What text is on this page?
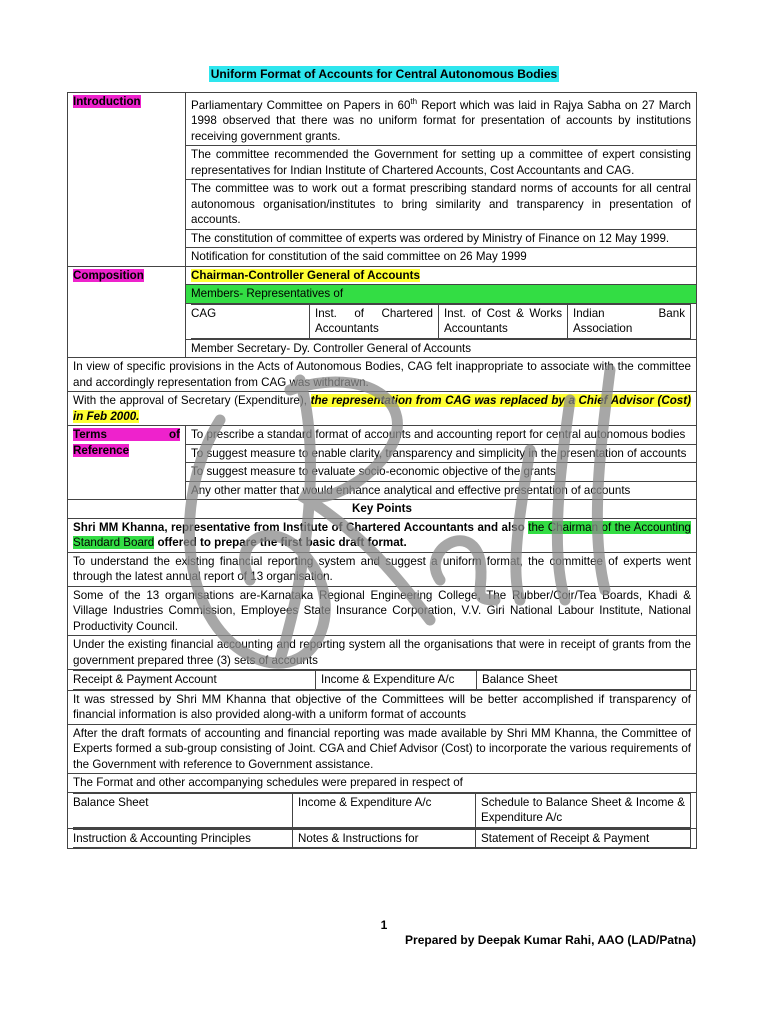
Uniform Format of Accounts for Central Autonomous Bodies
Introduction	Parliamentary Committee on Papers in 60th Report which was laid in Rajya Sabha on 27 March 1998 observed that there was no uniform format for presentation of accounts by institutions receiving government grants.
The committee recommended the Government for setting up a committee of expert consisting representatives for Indian Institute of Chartered Accounts, Cost Accountants and CAG.
The committee was to work out a format prescribing standard norms of accounts for all central autonomous organisation/institutes to bring similarity and transparency in presentation of accounts.
The constitution of committee of experts was ordered by Ministry of Finance on 12 May 1999.
Notification for constitution of the said committee on 26 May 1999
Composition	Chairman-Controller General of Accounts
Members- Representatives of

CAG	Inst. of Chartered Accountants	Inst. of Cost & Works Accountants	Indian Bank Association

Member Secretary- Dy. Controller General of Accounts
In view of specific provisions in the Acts of Autonomous Bodies, CAG felt inappropriate to associate with the committee and accordingly representation from CAG was withdrawn.
With the approval of Secretary (Expenditure), the representation from CAG was replaced by a Chief Advisor (Cost) in Feb 2000.
Terms of Reference	To prescribe a standard format of accounts and accounting report for central autonomous bodies
To suggest measure to enable clarity, transparency and simplicity in the presentation of accounts
To suggest measure to evaluate socio-economic objective of the grants
Any other matter that would enhance analytical and effective presentation of accounts
Key Points
Shri MM Khanna, representative from Institute of Chartered Accountants and also the Chairman of the Accounting Standard Board offered to prepare the first basic draft format.
To understand the existing financial reporting system and suggest a uniform format, the committee of experts went through the latest annual report of 13 organisation.
Some of the 13 organisations are-Karnataka Regional Engineering College, The Rubber/Coir/Tea Boards, Khadi & Village Industries Commission, Employees State Insurance Corporation, V.V. Giri National Labour Institute, National Productivity Council.
Under the existing financial accounting and reporting system all the organisations that were in receipt of grants from the government prepared three (3) sets of accounts

Receipt & Payment Account	Income & Expenditure A/c	Balance Sheet

It was stressed by Shri MM Khanna that objective of the Committees will be better accomplished if transparency of financial information is also provided along-with a uniform format of accounts
After the draft formats of accounting and financial reporting was made available by Shri MM Khanna, the Committee of Experts formed a sub-group consisting of Joint. CGA and Chief Advisor (Cost) to incorporate the various requirements of the Government with reference to Government assistance.
The Format and other accompanying schedules were prepared in respect of

Balance Sheet	Income & Expenditure A/c	Schedule to Balance Sheet & Income & Expenditure A/c

Instruction & Accounting Principles	Notes & Instructions for	Statement of Receipt & Payment
1
Prepared by Deepak Kumar Rahi, AAO (LAD/Patna)
